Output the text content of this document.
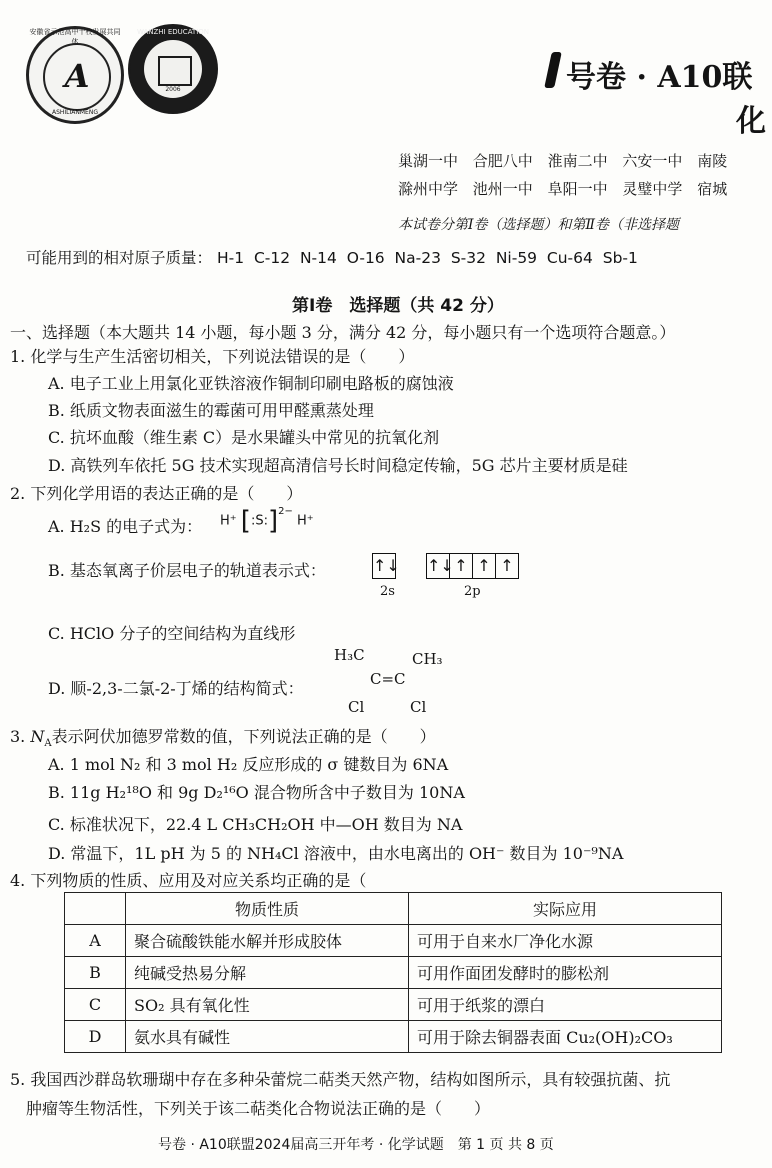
安徽省示范高中十校发展共同体
A
ASHILIANMENG
WANZHI EDUCATION
2006	号卷 · A10联
化
巢湖一中 合肥八中 淮南二中 六安一中 南陵
滁州中学 池州一中 阜阳一中 灵璧中学 宿城
本试卷分第Ⅰ卷（选择题）和第Ⅱ卷（非选择题
可能用到的相对原子质量： H-1 C-12 N-14 O-16 Na-23 S-32 Ni-59 Cu-64 Sb-1
第Ⅰ卷　选择题（共 42 分）
一、选择题（本大题共 14 小题，每小题 3 分，满分 42 分，每小题只有一个选项符合题意。）
1. 化学与生产生活密切相关，下列说法错误的是（　　）
A. 电子工业上用氯化亚铁溶液作铜制印刷电路板的腐蚀液
B. 纸质文物表面滋生的霉菌可用甲醛熏蒸处理
C. 抗坏血酸（维生素 C）是水果罐头中常见的抗氧化剂
D. 高铁列车依托 5G 技术实现超高清信号长时间稳定传输，5G 芯片主要材质是硅
2. 下列化学用语的表达正确的是（　　）
A. H₂S 的电子式为： H⁺ [:S:]$^{2-}$ H⁺
B. 基态氧离子价层电子的轨道表示式：	↑↓ ↑↓↑ ↑ ↑
2s	2p
C. HClO 分子的空间结构为直线形
D. 顺-2,3-二氯-2-丁烯的结构简式：
H₃C	CH₃
C=C
Cl	Cl
3. $N_A$表示阿伏加德罗常数的值，下列说法正确的是（　　）
A. 1 mol N₂ 和 3 mol H₂ 反应形成的 σ 键数目为 6NA
B. 11g H₂¹⁸O 和 9g D₂¹⁶O 混合物所含中子数目为 10NA
C. 标准状况下，22.4 L CH₃CH₂OH 中—OH 数目为 NA
D. 常温下，1L pH 为 5 的 NH₄Cl 溶液中，由水电离出的 OH⁻ 数目为 10⁻⁹NA
4. 下列物质的性质、应用及对应关系均正确的是（
	物质性质	实际应用
A	聚合硫酸铁能水解并形成胶体	可用于自来水厂净化水源
B	纯碱受热易分解	可用作面团发酵时的膨松剂
C	SO₂ 具有氧化性	可用于纸浆的漂白
D	氨水具有碱性	可用于除去铜器表面 Cu₂(OH)₂CO₃
5. 我国西沙群岛软珊瑚中存在多种朵蕾烷二萜类天然产物，结构如图所示，具有较强抗菌、抗
肿瘤等生物活性，下列关于该二萜类化合物说法正确的是（　　）
号卷 · A10联盟2024届高三开年考 · 化学试题　第 1 页 共 8 页
